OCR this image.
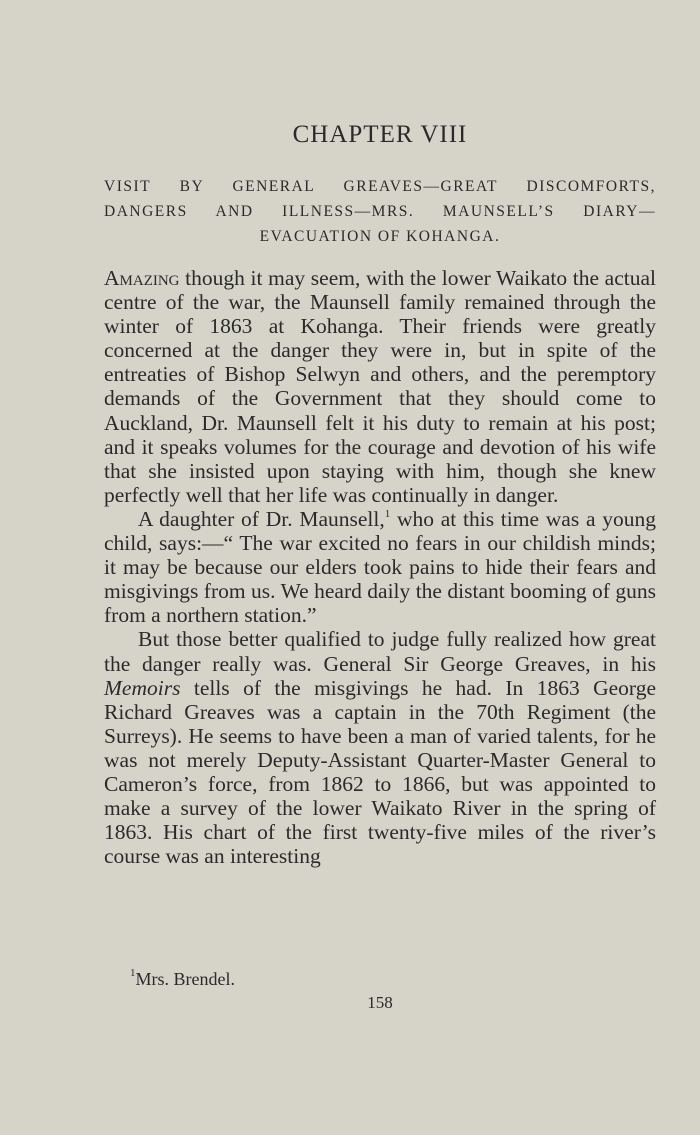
CHAPTER VIII
VISIT BY GENERAL GREAVES—GREAT DISCOMFORTS,
DANGERS AND ILLNESS—MRS. MAUNSELL’S DIARY—
EVACUATION OF KOHANGA.

Amazing though it may seem, with the lower Waikato the actual centre of the war, the Maunsell family remained through the winter of 1863 at Kohanga. Their friends were greatly concerned at the danger they were in, but in spite of the entreaties of Bishop Selwyn and others, and the peremptory demands of the Government that they should come to Auckland, Dr. Maunsell felt it his duty to remain at his post; and it speaks volumes for the courage and devotion of his wife that she insisted upon staying with him, though she knew perfectly well that her life was continually in danger.

A daughter of Dr. Maunsell,$^1$ who at this time was a young child, says:—“ The war excited no fears in our childish minds; it may be because our elders took pains to hide their fears and misgivings from us. We heard daily the distant booming of guns from a northern station.”

But those better qualified to judge fully realized how great the danger really was. General Sir George Greaves, in his Memoirs tells of the misgivings he had. In 1863 George Richard Greaves was a captain in the 70th Regiment (the Surreys). He seems to have been a man of varied talents, for he was not merely Deputy-Assistant Quarter-Master General to Cameron’s force, from 1862 to 1866, but was appointed to make a survey of the lower Waikato River in the spring of 1863. His chart of the first twenty-five miles of the river’s course was an interesting

$^1$Mrs. Brendel.
158
